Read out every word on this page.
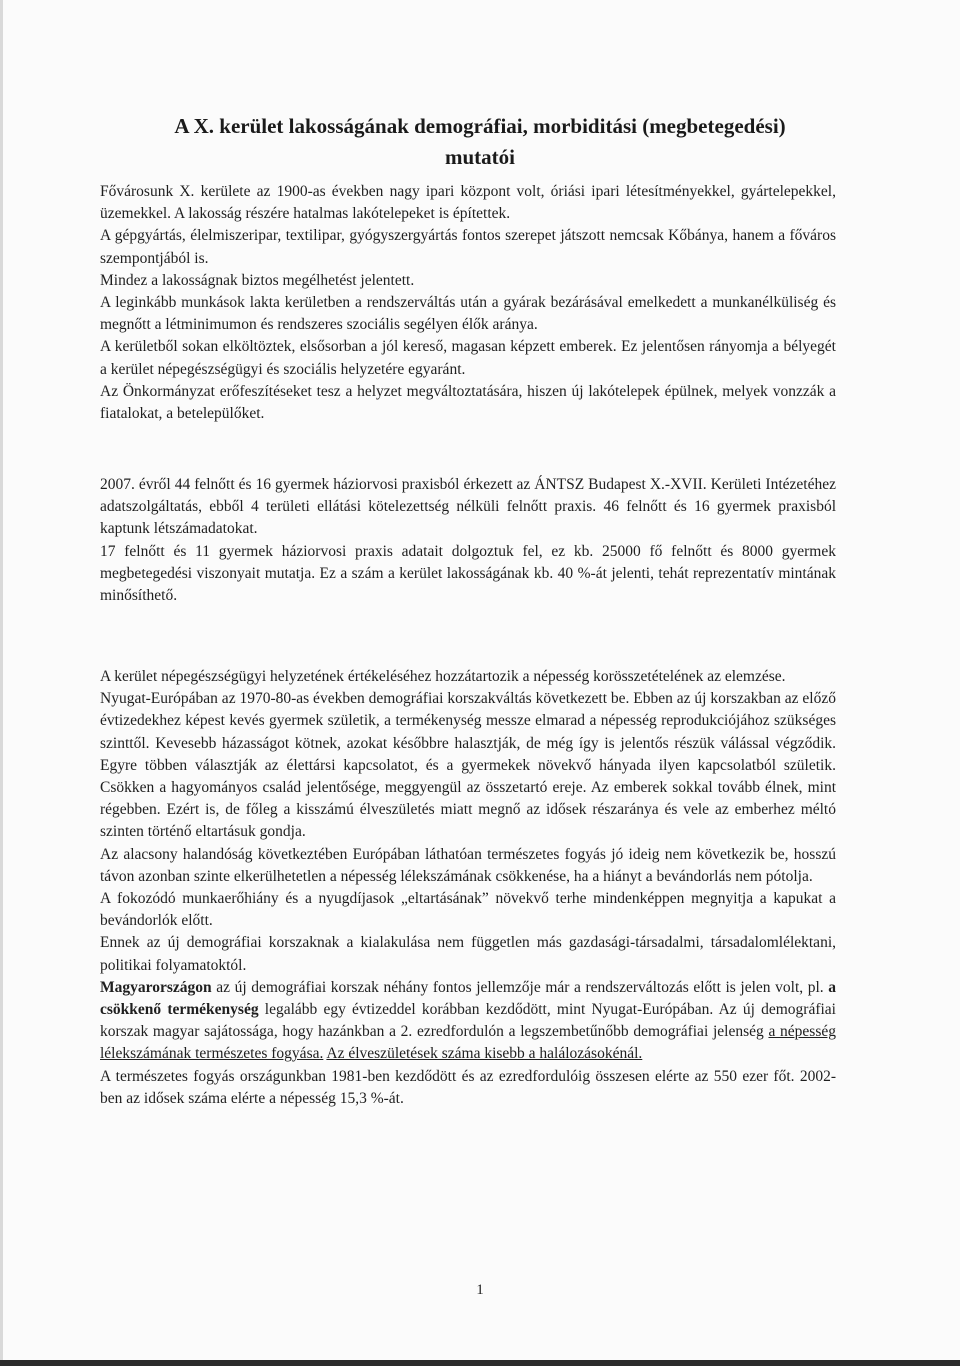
A X. kerület lakosságának demográfiai, morbiditási (megbetegedési)
mutatói

Fővárosunk X. kerülete az 1900-as években nagy ipari központ volt, óriási ipari létesítményekkel, gyártelepekkel, üzemekkel. A lakosság részére hatalmas lakótelepeket is építettek.

A gépgyártás, élelmiszeripar, textilipar, gyógyszergyártás fontos szerepet játszott nemcsak Kőbánya, hanem a főváros szempontjából is.

Mindez a lakosságnak biztos megélhetést jelentett.

A leginkább munkások lakta kerületben a rendszerváltás után a gyárak bezárásával emelkedett a munkanélküliség és megnőtt a létminimumon és rendszeres szociális segélyen élők aránya.

A kerületből sokan elköltöztek, elsősorban a jól kereső, magasan képzett emberek. Ez jelentősen rányomja a bélyegét a kerület népegészségügyi és szociális helyzetére egyaránt.

Az Önkormányzat erőfeszítéseket tesz a helyzet megváltoztatására, hiszen új lakótelepek épülnek, melyek vonzzák a fiatalokat, a betelepülőket.

2007. évről 44 felnőtt és 16 gyermek háziorvosi praxisból érkezett az ÁNTSZ Budapest X.-XVII. Kerületi Intézetéhez adatszolgáltatás, ebből 4 területi ellátási kötelezettség nélküli felnőtt praxis. 46 felnőtt és 16 gyermek praxisból kaptunk létszámadatokat.

17 felnőtt és 11 gyermek háziorvosi praxis adatait dolgoztuk fel, ez kb. 25000 fő felnőtt és 8000 gyermek megbetegedési viszonyait mutatja. Ez a szám a kerület lakosságának kb. 40 %-át jelenti, tehát reprezentatív mintának minősíthető.

A kerület népegészségügyi helyzetének értékeléséhez hozzátartozik a népesség korösszetételének az elemzése.

Nyugat-Európában az 1970-80-as években demográfiai korszakváltás következett be. Ebben az új korszakban az előző évtizedekhez képest kevés gyermek születik, a termékenység messze elmarad a népesség reprodukciójához szükséges szinttől. Kevesebb házasságot kötnek, azokat későbbre halasztják, de még így is jelentős részük válással végződik. Egyre többen választják az élettársi kapcsolatot, és a gyermekek növekvő hányada ilyen kapcsolatból születik. Csökken a hagyományos család jelentősége, meggyengül az összetartó ereje. Az emberek sokkal tovább élnek, mint régebben. Ezért is, de főleg a kisszámú élveszületés miatt megnő az idősek részaránya és vele az emberhez méltó szinten történő eltartásuk gondja.

Az alacsony halandóság következtében Európában láthatóan természetes fogyás jó ideig nem következik be, hosszú távon azonban szinte elkerülhetetlen a népesség lélekszámának csökkenése, ha a hiányt a bevándorlás nem pótolja.

A fokozódó munkaerőhiány és a nyugdíjasok „eltartásának” növekvő terhe mindenképpen megnyitja a kapukat a bevándorlók előtt.

Ennek az új demográfiai korszaknak a kialakulása nem független más gazdasági-társadalmi, társadalomlélektani, politikai folyamatoktól.

Magyarországon az új demográfiai korszak néhány fontos jellemzője már a rendszerváltozás előtt is jelen volt, pl. a csökkenő termékenység legalább egy évtizeddel korábban kezdődött, mint Nyugat-Európában. Az új demográfiai korszak magyar sajátossága, hogy hazánkban a 2. ezredfordulón a legszembetűnőbb demográfiai jelenség a népesség lélekszámának természetes fogyása. Az élveszületések száma kisebb a halálozásokénál.

A természetes fogyás országunkban 1981-ben kezdődött és az ezredfordulóig összesen elérte az 550 ezer főt. 2002-ben az idősek száma elérte a népesség 15,3 %-át.

1
